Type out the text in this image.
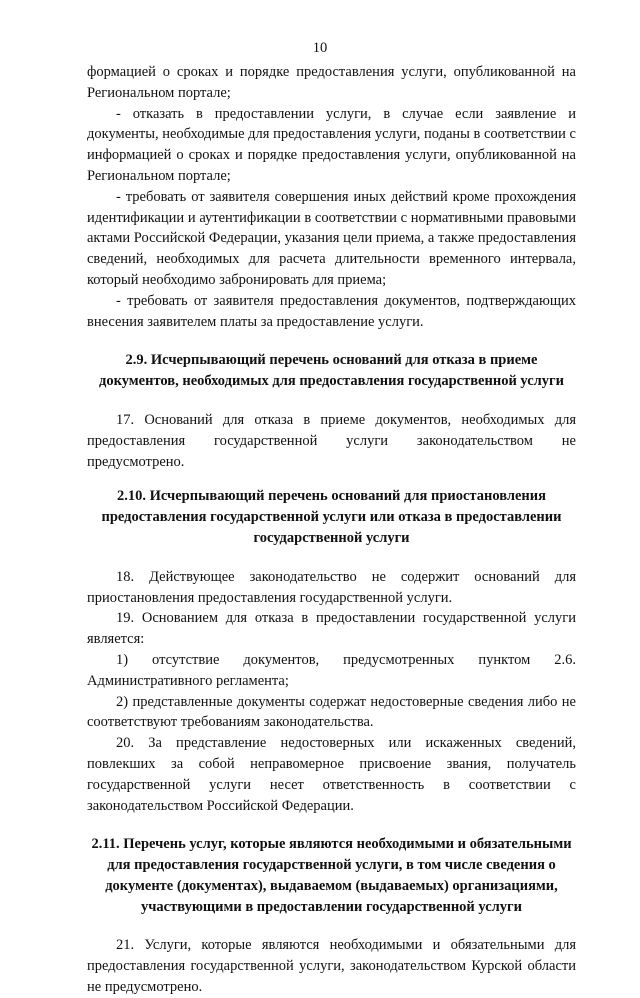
10

формацией о сроках и порядке предоставления услуги, опубликованной на Региональном портале;

- отказать в предоставлении услуги, в случае если заявление и документы, необходимые для предоставления услуги, поданы в соответствии с информацией о сроках и порядке предоставления услуги, опубликованной на Региональном портале;

- требовать от заявителя совершения иных действий кроме прохождения идентификации и аутентификации в соответствии с нормативными правовыми актами Российской Федерации, указания цели приема, а также предоставления сведений, необходимых для расчета длительности временного интервала, который необходимо забронировать для приема;

- требовать от заявителя предоставления документов, подтверждающих внесения заявителем платы за предоставление услуги.

2.9. Исчерпывающий перечень оснований для отказа в приеме документов, необходимых для предоставления государственной услуги

17. Оснований для отказа в приеме документов, необходимых для предоставления государственной услуги законодательством не предусмотрено.

2.10. Исчерпывающий перечень оснований для приостановления предоставления государственной услуги или отказа в предоставлении государственной услуги

18. Действующее законодательство не содержит оснований для приостановления предоставления государственной услуги.

19. Основанием для отказа в предоставлении государственной услуги является:

1) отсутствие документов, предусмотренных пунктом 2.6. Административного регламента;

2) представленные документы содержат недостоверные сведения либо не соответствуют требованиям законодательства.

20. За представление недостоверных или искаженных сведений, повлекших за собой неправомерное присвоение звания, получатель государственной услуги несет ответственность в соответствии с законодательством Российской Федерации.

2.11. Перечень услуг, которые являются необходимыми и обязательными для предоставления государственной услуги, в том числе сведения о документе (документах), выдаваемом (выдаваемых) организациями, участвующими в предоставлении государственной услуги

21. Услуги, которые являются необходимыми и обязательными для предоставления государственной услуги, законодательством Курской области не предусмотрено.
